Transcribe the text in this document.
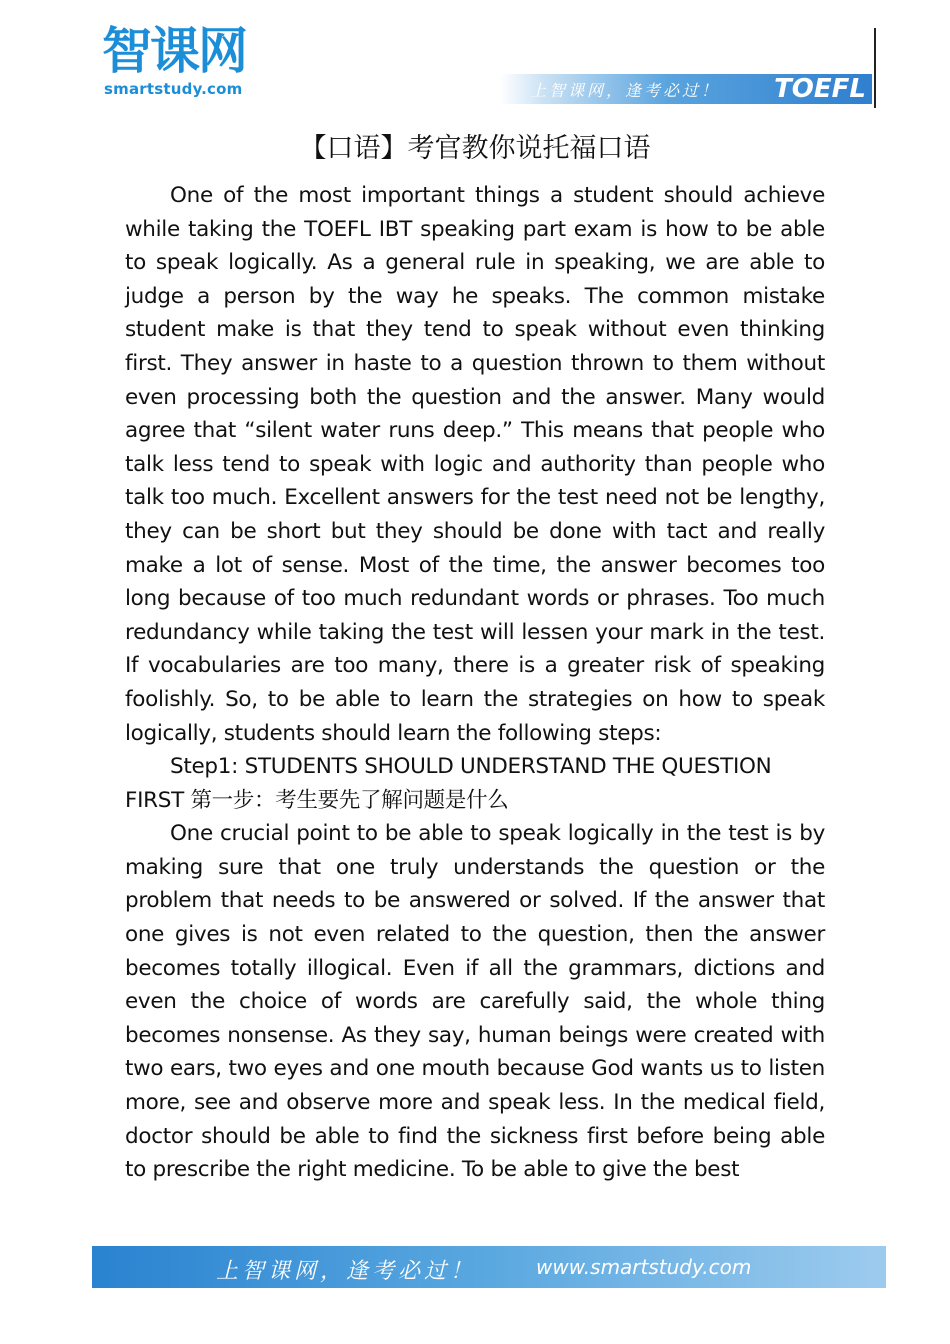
智课网
smartstudy.com	上智课网，逢考必过！ TOEFL
【口语】考官教你说托福口语

One of the most important things a student should achieve while taking the TOEFL IBT speaking part exam is how to be able to speak logically. As a general rule in speaking, we are able to judge a person by the way he speaks. The common mistake student make is that they tend to speak without even thinking first. They answer in haste to a question thrown to them without even processing both the question and the answer. Many would agree that “silent water runs deep.” This means that people who talk less tend to speak with logic and authority than people who talk too much. Excellent answers for the test need not be lengthy, they can be short but they should be done with tact and really make a lot of sense. Most of the time, the answer becomes too long because of too much redundant words or phrases. Too much redundancy while taking the test will lessen your mark in the test. If vocabularies are too many, there is a greater risk of speaking foolishly. So, to be able to learn the strategies on how to speak logically, students should learn the following steps:

Step1: STUDENTS SHOULD UNDERSTAND THE QUESTION FIRST 第一步：考生要先了解问题是什么

One crucial point to be able to speak logically in the test is by making sure that one truly understands the question or the problem that needs to be answered or solved. If the answer that one gives is not even related to the question, then the answer becomes totally illogical. Even if all the grammars, dictions and even the choice of words are carefully said, the whole thing becomes nonsense. As they say, human beings were created with two ears, two eyes and one mouth because God wants us to listen more, see and observe more and speak less. In the medical field, doctor should be able to find the sickness first before being able to prescribe the right medicine. To be able to give the best

上智课网，逢考必过！	www.smartstudy.com
